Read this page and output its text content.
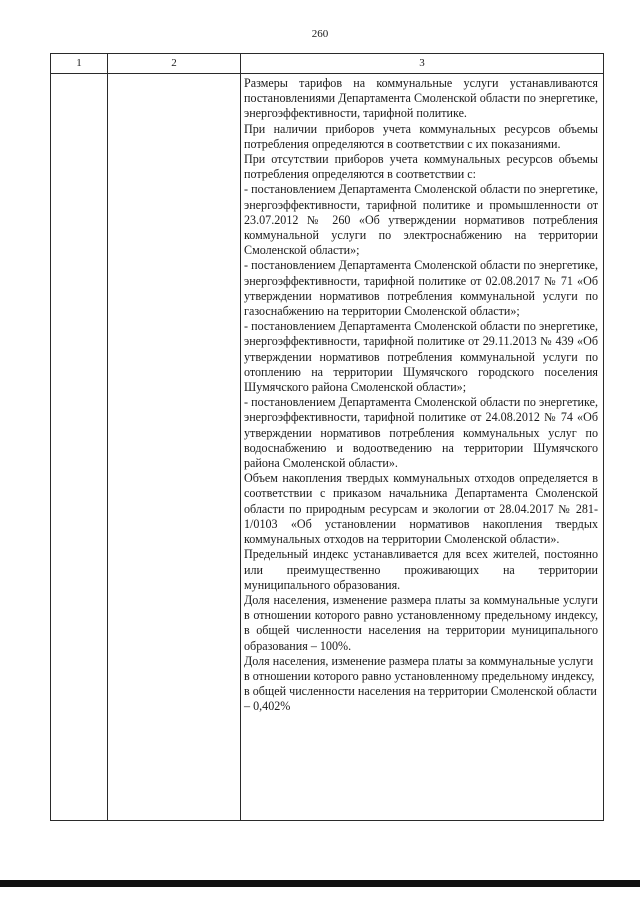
260
1	2	3

Размеры тарифов на коммунальные услуги устанавливаются постановлениями Департамента Смоленской области по энергетике, энергоэффективности, тарифной политике.

При наличии приборов учета коммунальных ресурсов объемы потребления определяются в соответствии с их показаниями.

При отсутствии приборов учета коммунальных ресурсов объемы потребления определяются в соответствии с:

- постановлением Департамента Смоленской области по энергетике, энергоэффективности, тарифной политике и промышленности от 23.07.2012 № 260 «Об утверждении нормативов потребления коммунальной услуги по электроснабжению на территории Смоленской области»;

- постановлением Департамента Смоленской области по энергетике, энергоэффективности, тарифной политике от 02.08.2017 № 71 «Об утверждении нормативов потребления коммунальной услуги по газоснабжению на территории Смоленской области»;

- постановлением Департамента Смоленской области по энергетике, энергоэффективности, тарифной политике от 29.11.2013 № 439 «Об утверждении нормативов потребления коммунальной услуги по отоплению на территории Шумячского городского поселения Шумячского района Смоленской области»;

- постановлением Департамента Смоленской области по энергетике, энергоэффективности, тарифной политике от 24.08.2012 № 74 «Об утверждении нормативов потребления коммунальных услуг по водоснабжению и водоотведению на территории Шумячского района Смоленской области».

Объем накопления твердых коммунальных отходов определяется в соответствии с приказом начальника Департамента Смоленской области по природным ресурсам и экологии от 28.04.2017 № 281-1/0103 «Об установлении нормативов накопления твердых коммунальных отходов на территории Смоленской области».

Предельный индекс устанавливается для всех жителей, постоянно или преимущественно проживающих на территории муниципального образования.

Доля населения, изменение размера платы за коммунальные услуги в отношении которого равно установленному предельному индексу, в общей численности населения на территории муниципального образования – 100%.

Доля населения, изменение размера платы за коммунальные услуги в отношении которого равно установленному предельному индексу, в общей численности населения на территории Смоленской области – 0,402%
